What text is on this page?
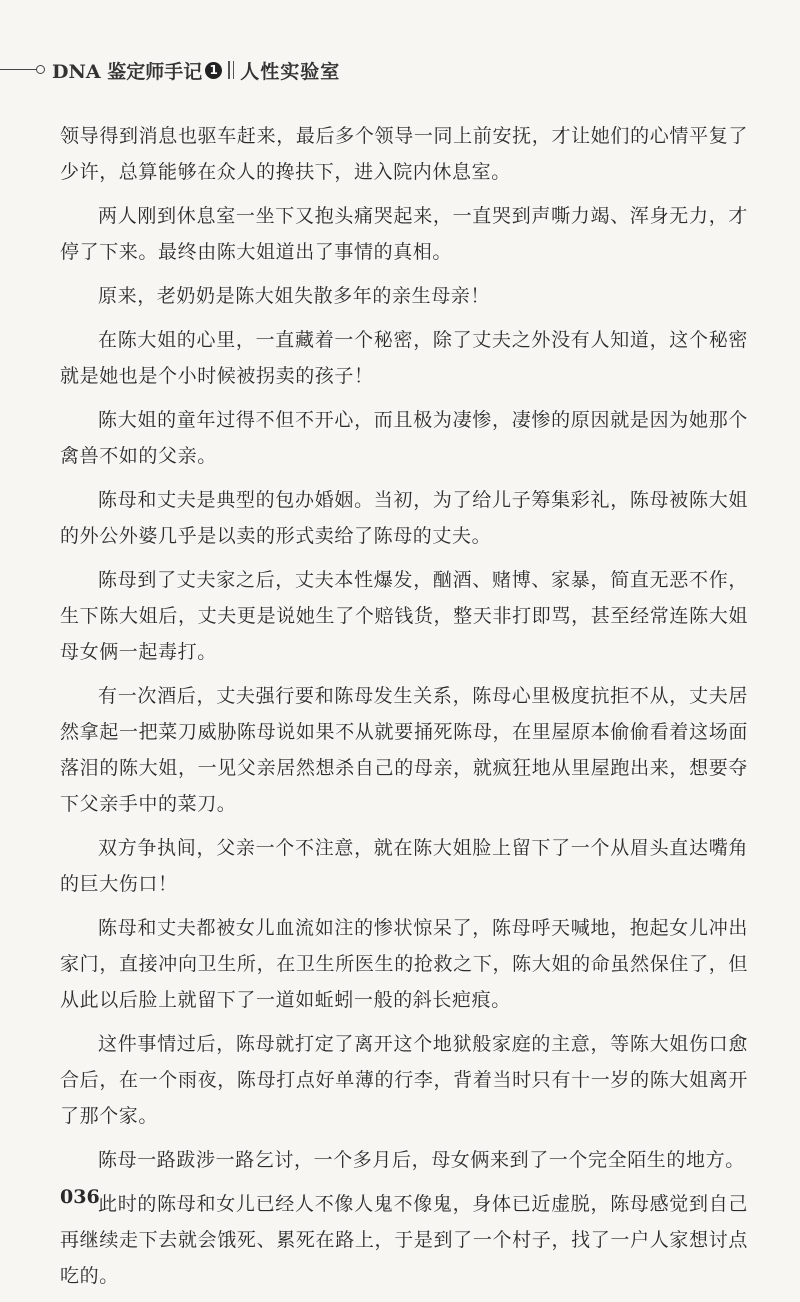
DNA 鉴定师手记 1 人性实验室

领导得到消息也驱车赶来，最后多个领导一同上前安抚，才让她们的心情平复了少许，总算能够在众人的搀扶下，进入院内休息室。

两人刚到休息室一坐下又抱头痛哭起来，一直哭到声嘶力竭、浑身无力，才停了下来。最终由陈大姐道出了事情的真相。

原来，老奶奶是陈大姐失散多年的亲生母亲！

在陈大姐的心里，一直藏着一个秘密，除了丈夫之外没有人知道，这个秘密就是她也是个小时候被拐卖的孩子！

陈大姐的童年过得不但不开心，而且极为凄惨，凄惨的原因就是因为她那个禽兽不如的父亲。

陈母和丈夫是典型的包办婚姻。当初，为了给儿子筹集彩礼，陈母被陈大姐的外公外婆几乎是以卖的形式卖给了陈母的丈夫。

陈母到了丈夫家之后，丈夫本性爆发，酗酒、赌博、家暴，简直无恶不作，生下陈大姐后，丈夫更是说她生了个赔钱货，整天非打即骂，甚至经常连陈大姐母女俩一起毒打。

有一次酒后，丈夫强行要和陈母发生关系，陈母心里极度抗拒不从，丈夫居然拿起一把菜刀威胁陈母说如果不从就要捅死陈母，在里屋原本偷偷看着这场面落泪的陈大姐，一见父亲居然想杀自己的母亲，就疯狂地从里屋跑出来，想要夺下父亲手中的菜刀。

双方争执间，父亲一个不注意，就在陈大姐脸上留下了一个从眉头直达嘴角的巨大伤口！

陈母和丈夫都被女儿血流如注的惨状惊呆了，陈母呼天喊地，抱起女儿冲出家门，直接冲向卫生所，在卫生所医生的抢救之下，陈大姐的命虽然保住了，但从此以后脸上就留下了一道如蚯蚓一般的斜长疤痕。

这件事情过后，陈母就打定了离开这个地狱般家庭的主意，等陈大姐伤口愈合后，在一个雨夜，陈母打点好单薄的行李，背着当时只有十一岁的陈大姐离开了那个家。

陈母一路跋涉一路乞讨，一个多月后，母女俩来到了一个完全陌生的地方。

此时的陈母和女儿已经人不像人鬼不像鬼，身体已近虚脱，陈母感觉到自己再继续走下去就会饿死、累死在路上，于是到了一个村子，找了一户人家想讨点吃的。

036
